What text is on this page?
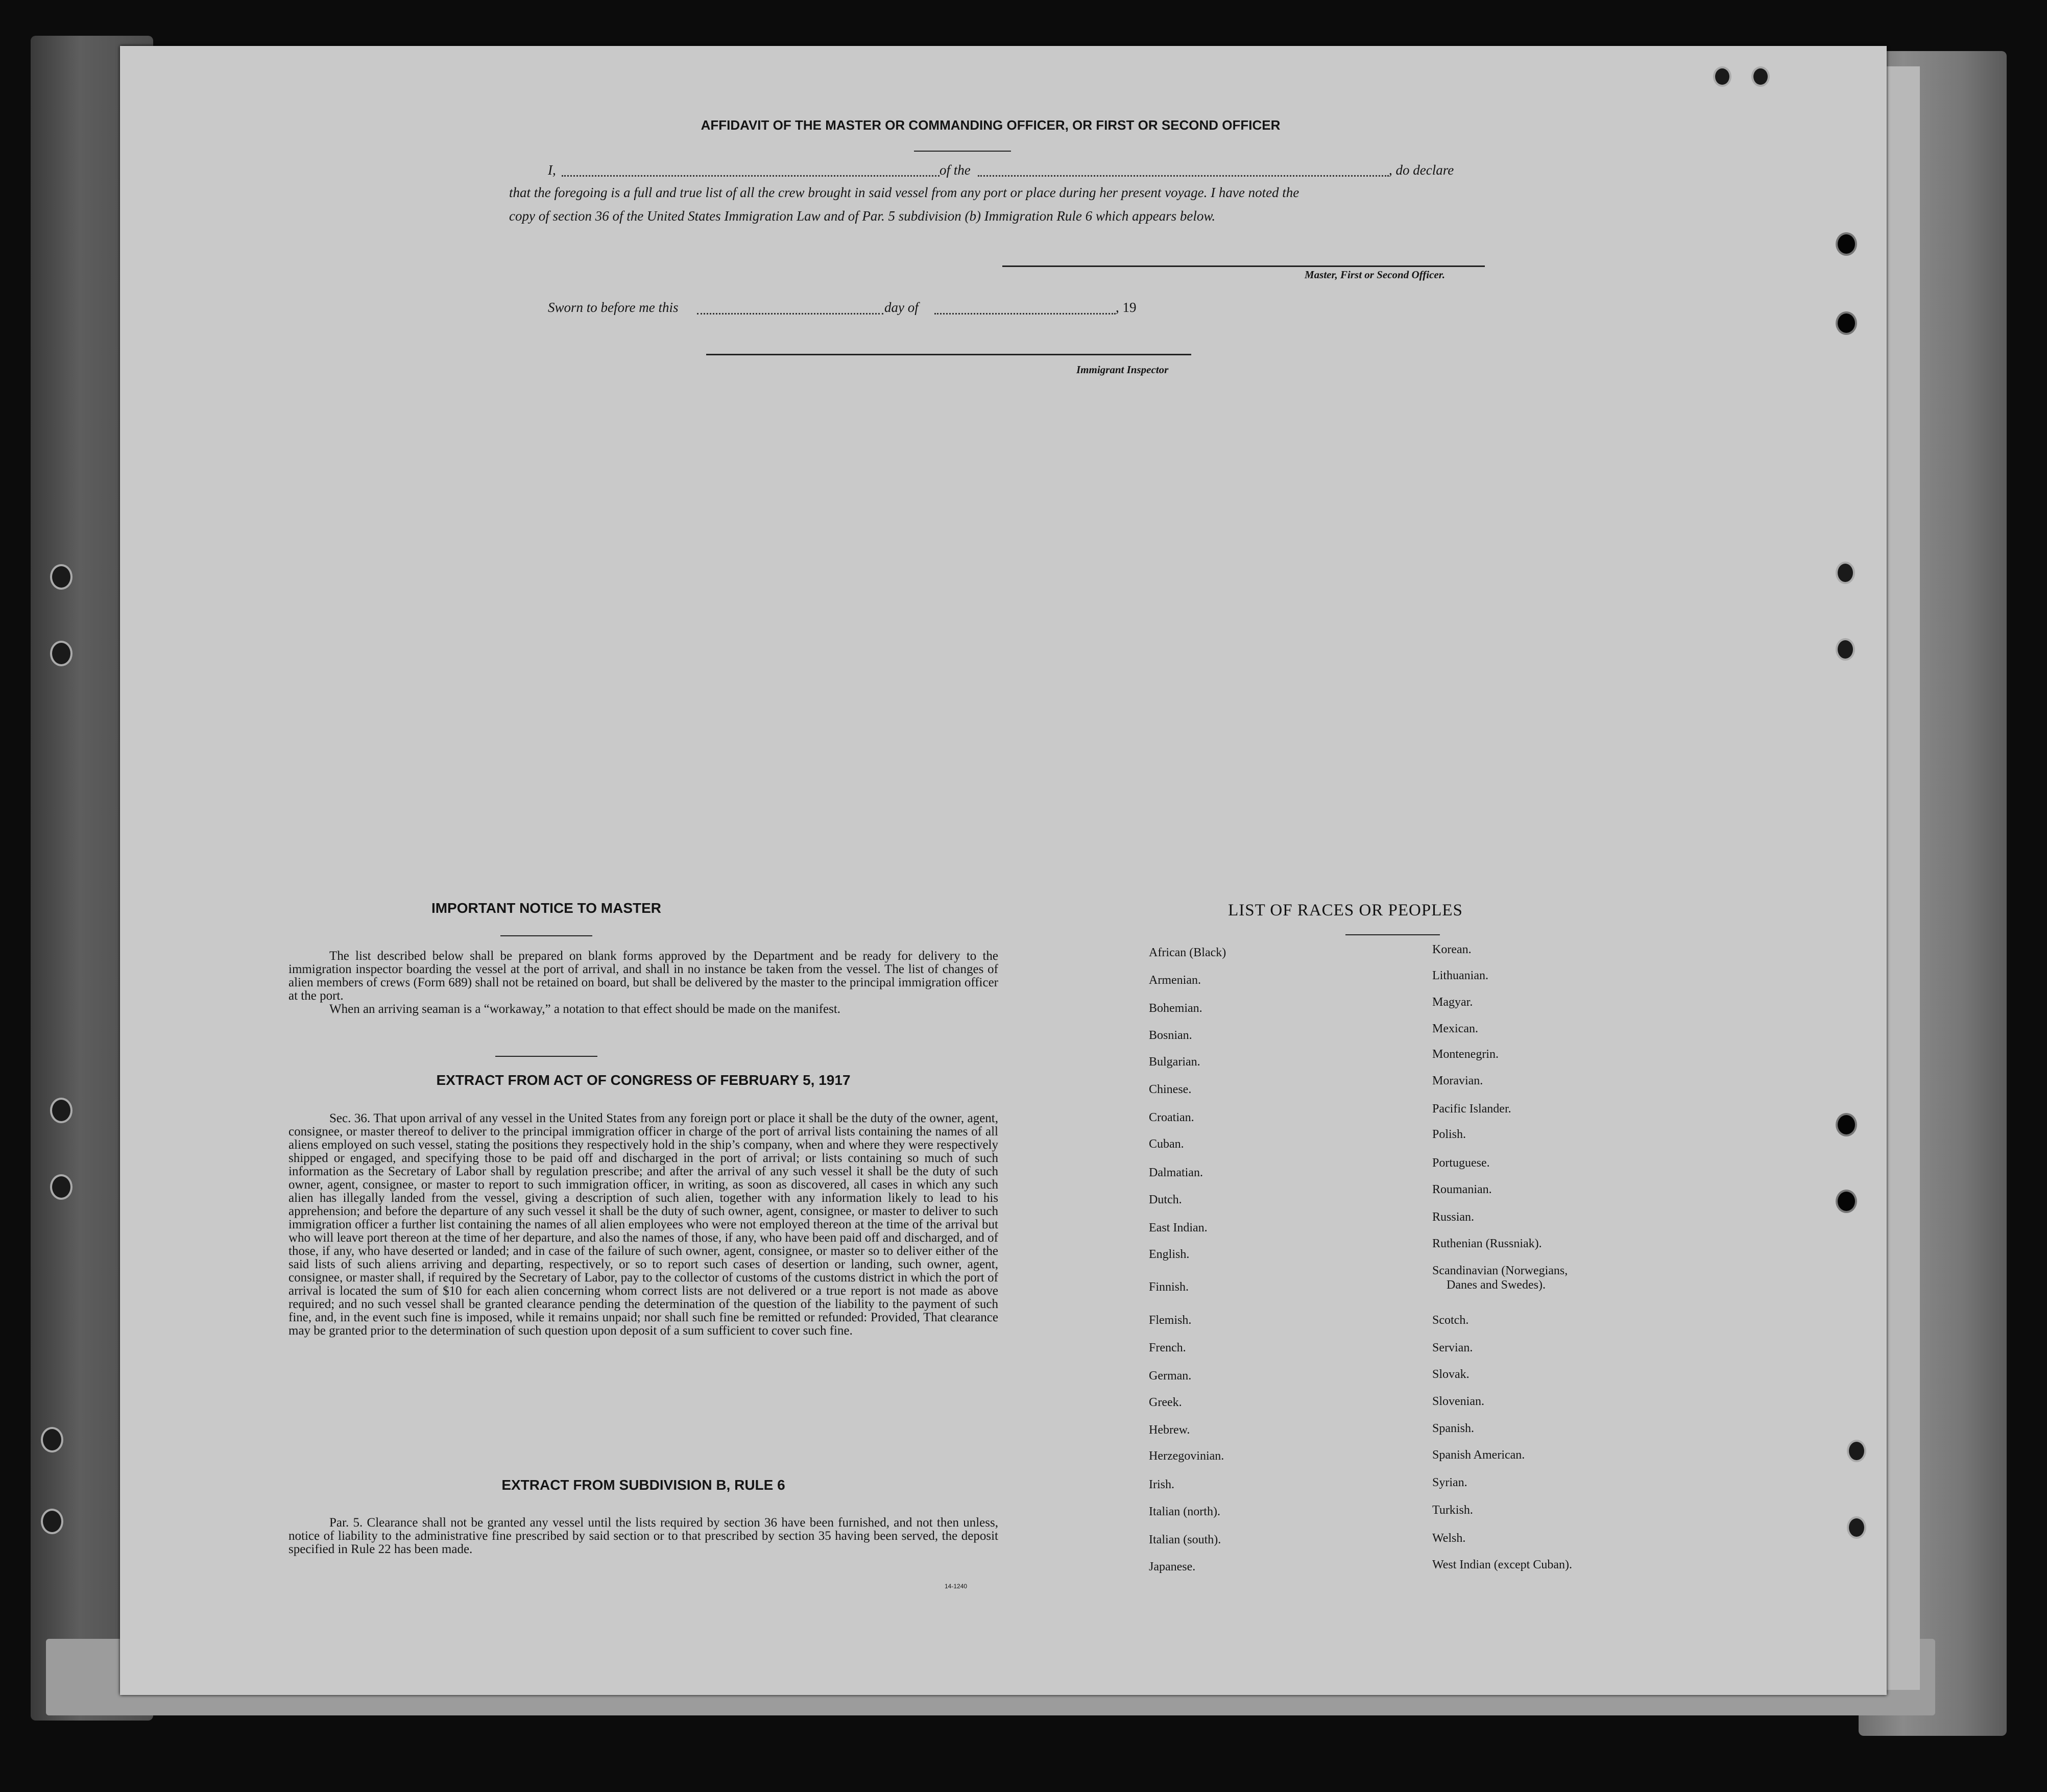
AFFIDAVIT OF THE MASTER OR COMMANDING OFFICER, OR FIRST OR SECOND OFFICER
I,	of the	, do declare
that the foregoing is a full and true list of all the crew brought in said vessel from any port or place during her present voyage. I have noted the
copy of section 36 of the United States Immigration Law and of Par. 5 subdivision (b) Immigration Rule 6 which appears below.
Master, First or Second Officer.
Sworn to before me this	day of	, 19
Immigrant Inspector
IMPORTANT NOTICE TO MASTER

The list described below shall be prepared on blank forms approved by the Department and be ready for delivery to the immigration inspector boarding the vessel at the port of arrival, and shall in no instance be taken from the vessel. The list of changes of alien members of crews (Form 689) shall not be retained on board, but shall be delivered by the master to the principal immigration officer at the port.

When an arriving seaman is a “workaway,” a notation to that effect should be made on the manifest.

EXTRACT FROM ACT OF CONGRESS OF FEBRUARY 5, 1917

Sec. 36. That upon arrival of any vessel in the United States from any foreign port or place it shall be the duty of the owner, agent, consignee, or master thereof to deliver to the principal immigration officer in charge of the port of arrival lists containing the names of all aliens employed on such vessel, stating the positions they respectively hold in the ship’s company, when and where they were respectively shipped or engaged, and specifying those to be paid off and discharged in the port of arrival; or lists containing so much of such information as the Secretary of Labor shall by regulation prescribe; and after the arrival of any such vessel it shall be the duty of such owner, agent, consignee, or master to report to such immigration officer, in writing, as soon as discovered, all cases in which any such alien has illegally landed from the vessel, giving a description of such alien, together with any information likely to lead to his apprehension; and before the departure of any such vessel it shall be the duty of such owner, agent, consignee, or master to deliver to such immigration officer a further list containing the names of all alien employees who were not employed thereon at the time of the arrival but who will leave port thereon at the time of her departure, and also the names of those, if any, who have been paid off and discharged, and of those, if any, who have deserted or landed; and in case of the failure of such owner, agent, consignee, or master so to deliver either of the said lists of such aliens arriving and departing, respectively, or so to report such cases of desertion or landing, such owner, agent, consignee, or master shall, if required by the Secretary of Labor, pay to the collector of customs of the customs district in which the port of arrival is located the sum of $10 for each alien concerning whom correct lists are not delivered or a true report is not made as above required; and no such vessel shall be granted clearance pending the determination of the question of the liability to the payment of such fine, and, in the event such fine is imposed, while it remains unpaid; nor shall such fine be remitted or refunded: Provided, That clearance may be granted prior to the determination of such question upon deposit of a sum sufficient to cover such fine.

EXTRACT FROM SUBDIVISION B, RULE 6

Par. 5. Clearance shall not be granted any vessel until the lists required by section 36 have been furnished, and not then unless, notice of liability to the administrative fine prescribed by said section or to that prescribed by section 35 having been served, the deposit specified in Rule 22 has been made.

14-1240
LIST OF RACES OR PEOPLES
African (Black)
Armenian.
Bohemian.
Bosnian.
Bulgarian.
Chinese.
Croatian.
Cuban.
Dalmatian.
Dutch.
East Indian.
English.
Finnish.
Flemish.
French.
German.
Greek.
Hebrew.
Herzegovinian.
Irish.
Italian (north).
Italian (south).
Japanese.
Korean.
Lithuanian.
Magyar.
Mexican.
Montenegrin.
Moravian.
Pacific Islander.
Polish.
Portuguese.
Roumanian.
Russian.
Ruthenian (Russniak).
Scandinavian (Norwegians,
Danes and Swedes).
Scotch.
Servian.
Slovak.
Slovenian.
Spanish.
Spanish American.
Syrian.
Turkish.
Welsh.
West Indian (except Cuban).
